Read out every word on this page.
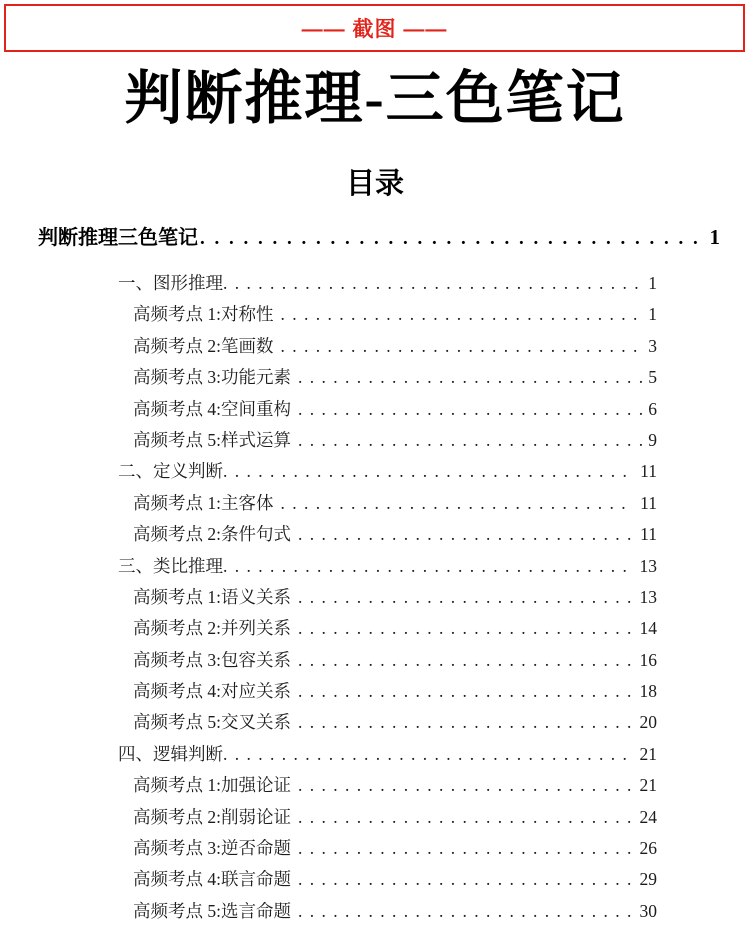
—— 截图 ——
判断推理-三色笔记
目录
判断推理三色笔记 . . .	1
一、图形推理 . . .	1
高频考点 1:对称性 . . .	1
高频考点 2:笔画数 . . .	3
高频考点 3:功能元素 . . .	5
高频考点 4:空间重构 . . .	6
高频考点 5:样式运算 . . .	9
二、定义判断 . . .	11
高频考点 1:主客体 . . .	11
高频考点 2:条件句式 . . .	11
三、类比推理 . . .	13
高频考点 1:语义关系 . . .	13
高频考点 2:并列关系 . . .	14
高频考点 3:包容关系 . . .	16
高频考点 4:对应关系 . . .	18
高频考点 5:交叉关系 . . .	20
四、逻辑判断 . . .	21
高频考点 1:加强论证 . . .	21
高频考点 2:削弱论证 . . .	24
高频考点 3:逆否命题 . . .	26
高频考点 4:联言命题 . . .	29
高频考点 5:选言命题 . . .	30
